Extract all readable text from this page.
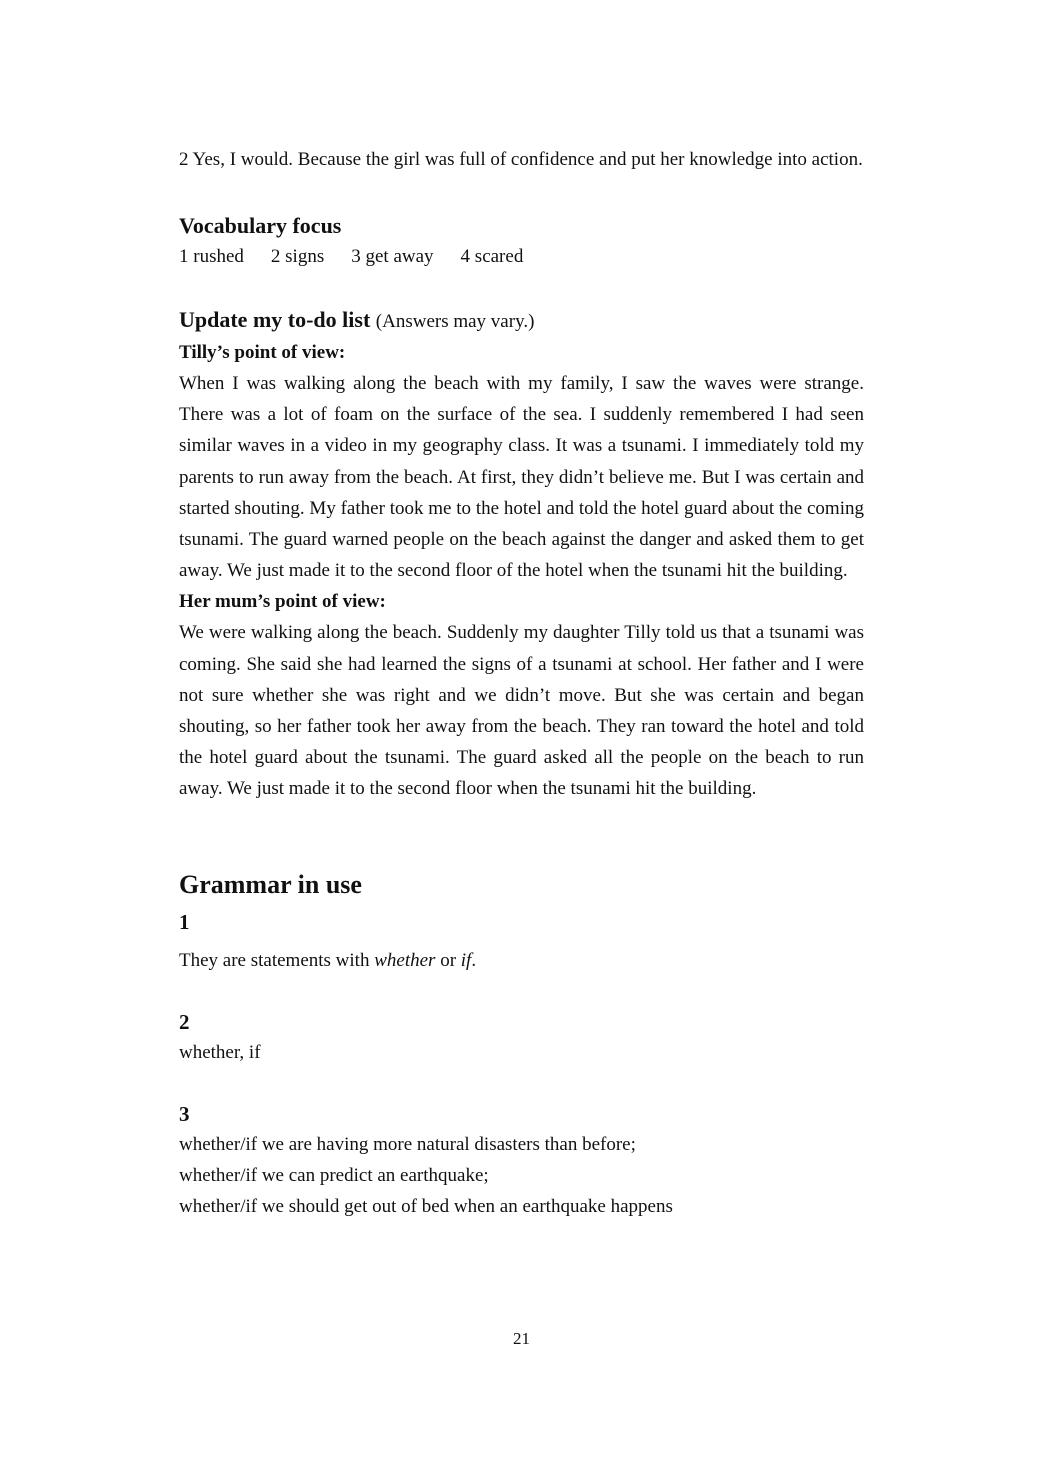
2 Yes, I would. Because the girl was full of confidence and put her knowledge into action.

Vocabulary focus

1 rushed 2 signs 3 get away 4 scared

Update my to-do list (Answers may vary.)

Tilly’s point of view:

When I was walking along the beach with my family, I saw the waves were strange. There was a lot of foam on the surface of the sea. I suddenly remembered I had seen similar waves in a video in my geography class. It was a tsunami. I immediately told my parents to run away from the beach. At first, they didn’t believe me. But I was certain and started shouting. My father took me to the hotel and told the hotel guard about the coming tsunami. The guard warned people on the beach against the danger and asked them to get away. We just made it to the second floor of the hotel when the tsunami hit the building.

Her mum’s point of view:

We were walking along the beach. Suddenly my daughter Tilly told us that a tsunami was coming. She said she had learned the signs of a tsunami at school. Her father and I were not sure whether she was right and we didn’t move. But she was certain and began shouting, so her father took her away from the beach. They ran toward the hotel and told the hotel guard about the tsunami. The guard asked all the people on the beach to run away. We just made it to the second floor when the tsunami hit the building.

Grammar in use

1

They are statements with whether or if.

2

whether, if

3

whether/if we are having more natural disasters than before;

whether/if we can predict an earthquake;

whether/if we should get out of bed when an earthquake happens

21
